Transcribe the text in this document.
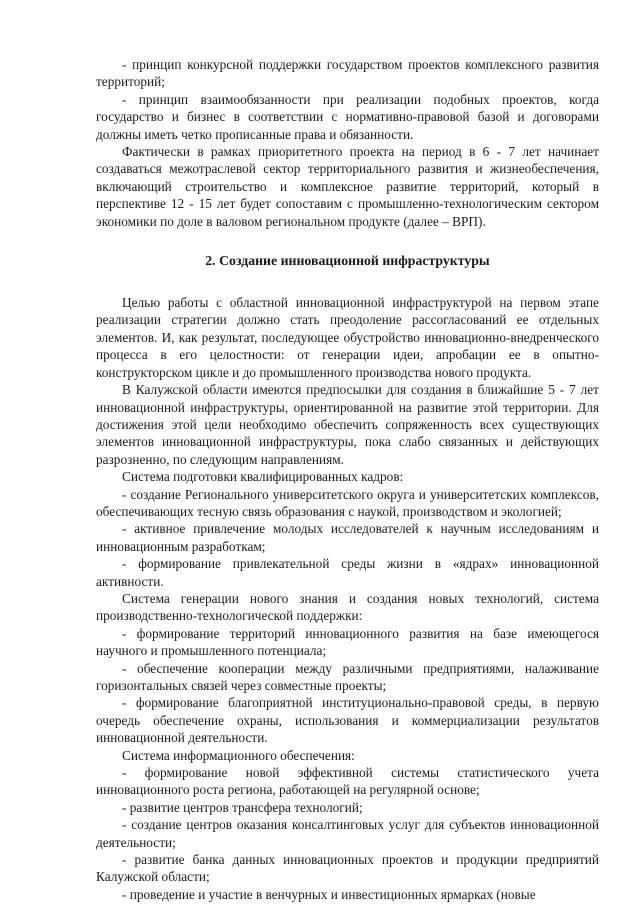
- принцип конкурсной поддержки государством проектов комплексного развития территорий;

- принцип взаимообязанности при реализации подобных проектов, когда государство и бизнес в соответствии с нормативно-правовой базой и договорами должны иметь четко прописанные права и обязанности.

Фактически в рамках приоритетного проекта на период в 6 - 7 лет начинает создаваться межотраслевой сектор территориального развития и жизнеобеспечения, включающий строительство и комплексное развитие территорий, который в перспективе 12 - 15 лет будет сопоставим с промышленно-технологическим сектором экономики по доле в валовом региональном продукте (далее – ВРП).

2. Создание инновационной инфраструктуры

Целью работы с областной инновационной инфраструктурой на первом этапе реализации стратегии должно стать преодоление рассогласований ее отдельных элементов. И, как результат, последующее обустройство инновационно-внедренческого процесса в его целостности: от генерации идеи, апробации ее в опытно-конструкторском цикле и до промышленного производства нового продукта.

В Калужской области имеются предпосылки для создания в ближайшие 5 - 7 лет инновационной инфраструктуры, ориентированной на развитие этой территории. Для достижения этой цели необходимо обеспечить сопряженность всех существующих элементов инновационной инфраструктуры, пока слабо связанных и действующих разрозненно, по следующим направлениям.

Система подготовки квалифицированных кадров:

- создание Регионального университетского округа и университетских комплексов, обеспечивающих тесную связь образования с наукой, производством и экологией;

- активное привлечение молодых исследователей к научным исследованиям и инновационным разработкам;

- формирование привлекательной среды жизни в «ядрах» инновационной активности.

Система генерации нового знания и создания новых технологий, система производственно-технологической поддержки:

- формирование территорий инновационного развития на базе имеющегося научного и промышленного потенциала;

- обеспечение кооперации между различными предприятиями, налаживание горизонтальных связей через совместные проекты;

- формирование благоприятной институционально-правовой среды, в первую очередь обеспечение охраны, использования и коммерциализации результатов инновационной деятельности.

Система информационного обеспечения:

- формирование новой эффективной системы статистического учета инновационного роста региона, работающей на регулярной основе;

- развитие центров трансфера технологий;

- создание центров оказания консалтинговых услуг для субъектов инновационной деятельности;

- развитие банка данных инновационных проектов и продукции предприятий Калужской области;

- проведение и участие в венчурных и инвестиционных ярмарках (новые
